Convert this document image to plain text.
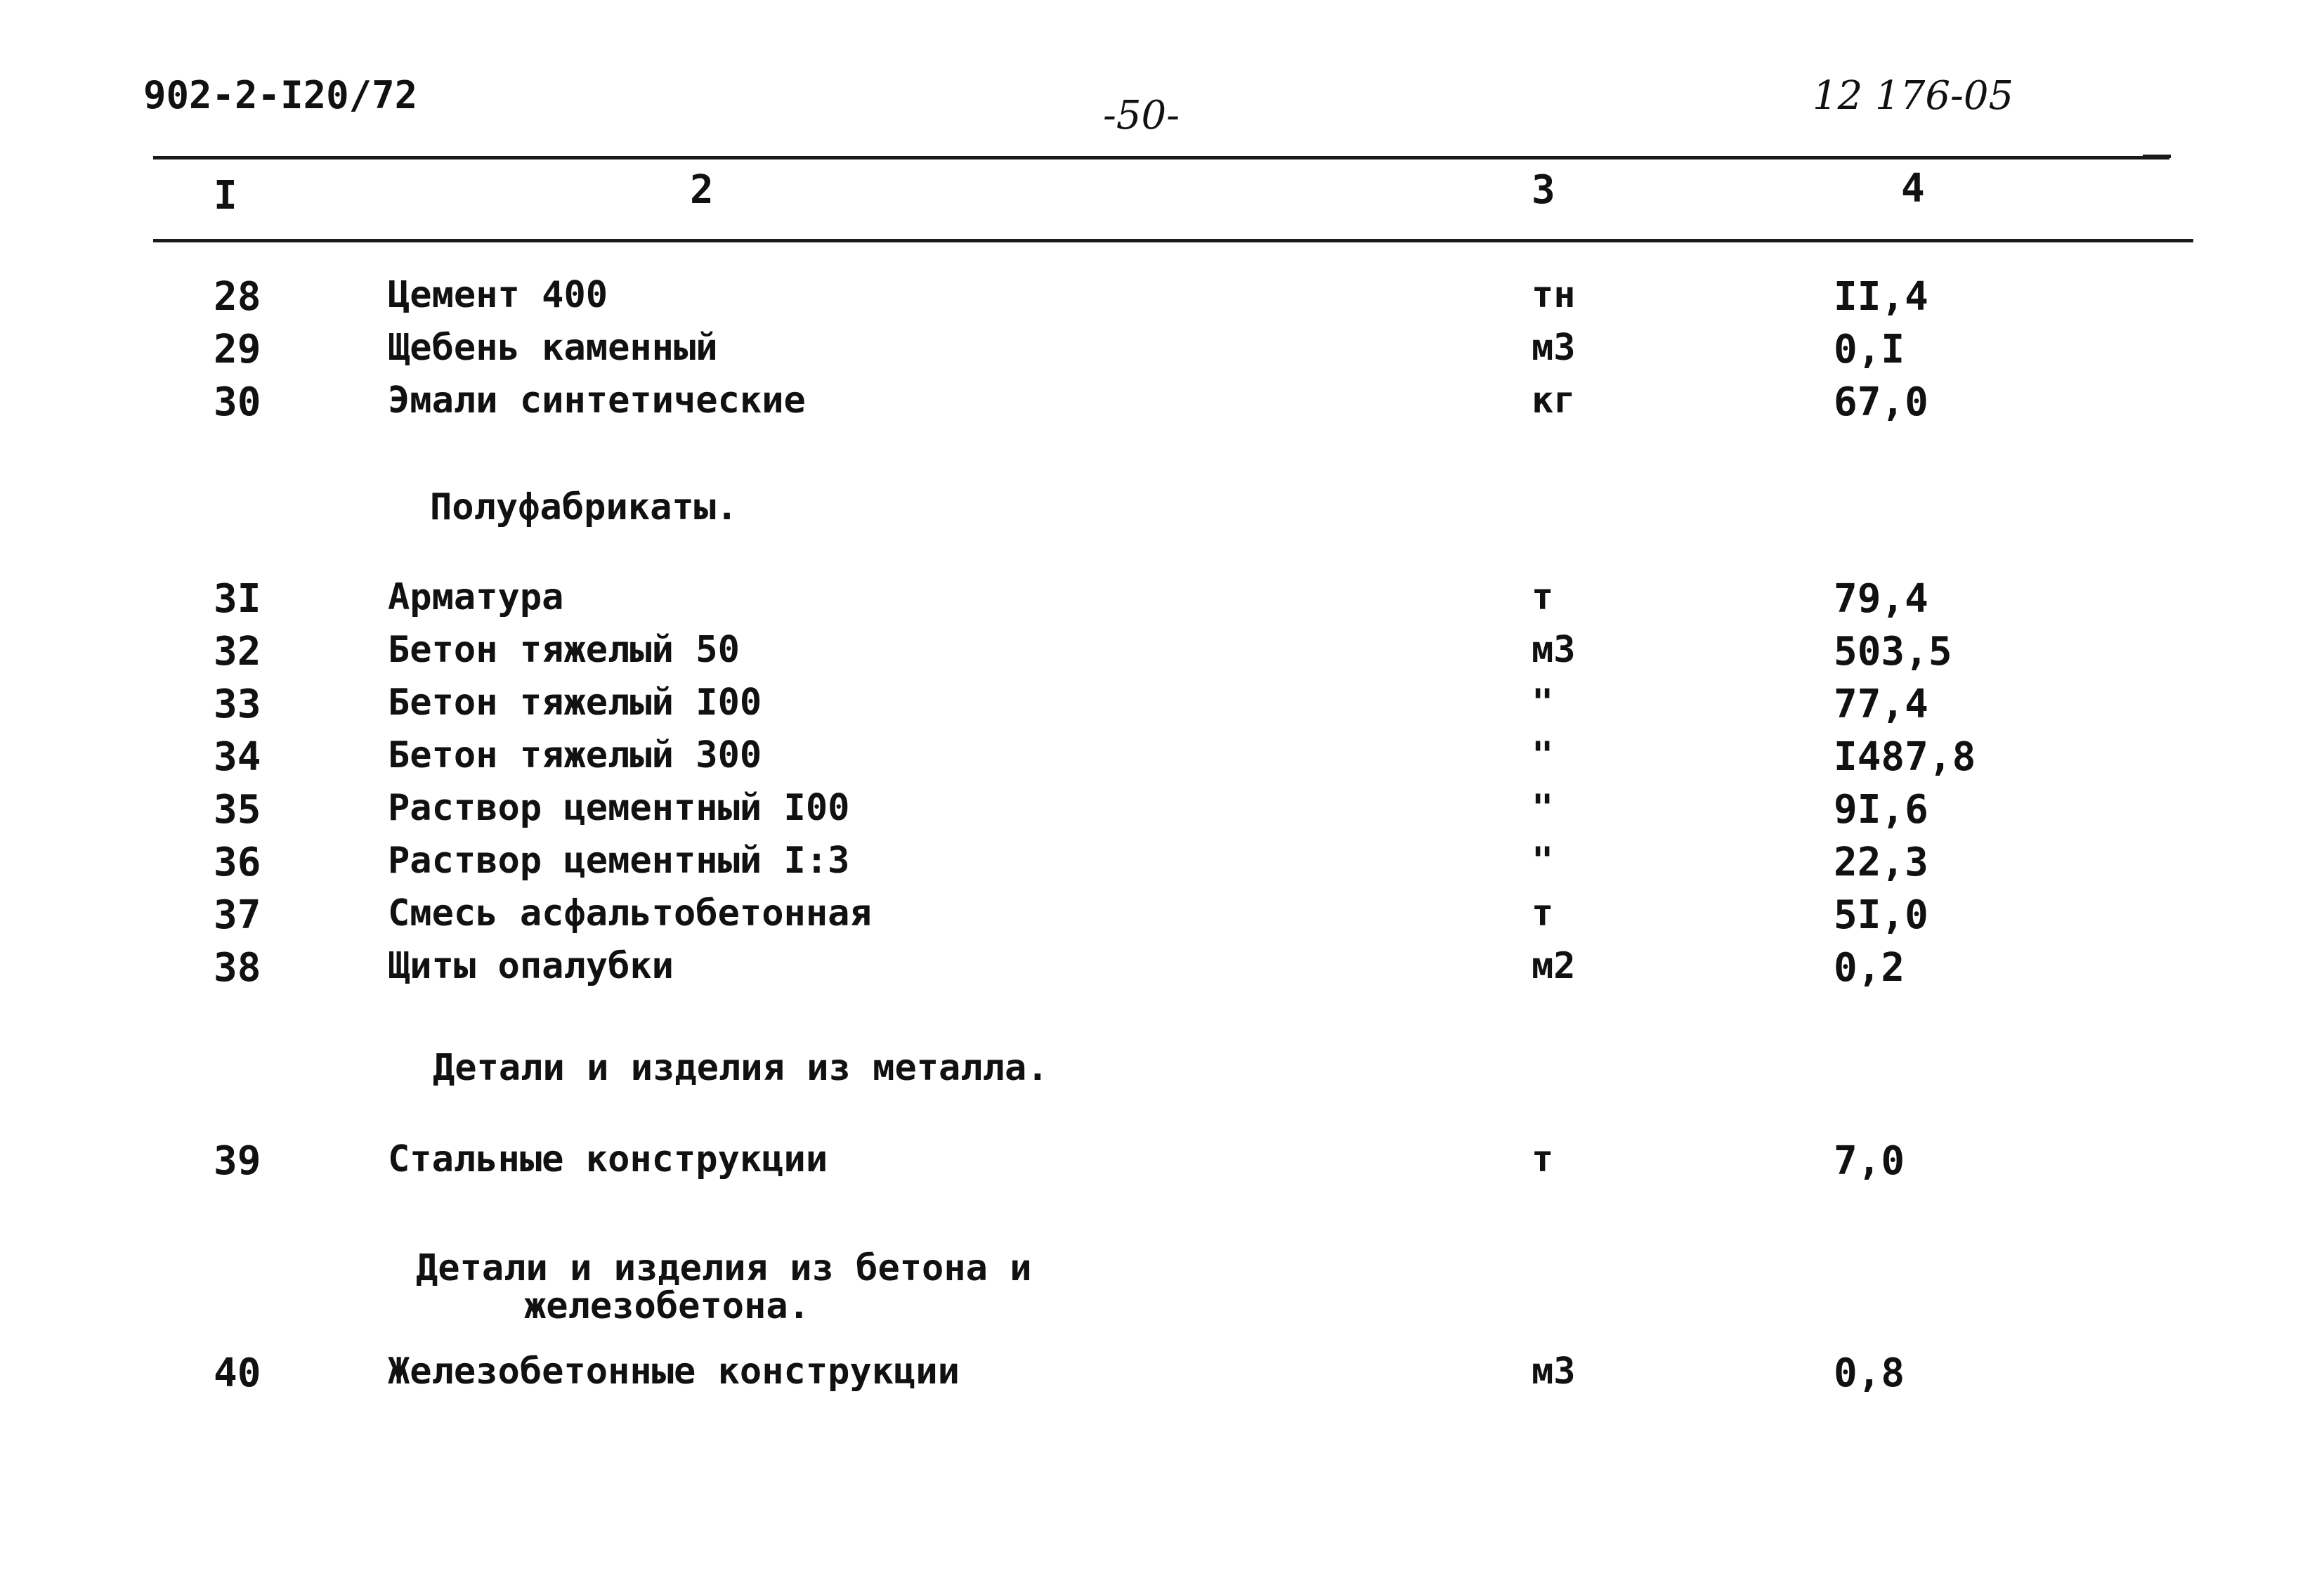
902-2-I20/72	-50-	12 176-05
I	2	3	4
28	Цемент 400	тн	II,4
29	Щебень каменный	м3	0,I
30	Эмали синтетические	кг	67,0
Полуфабрикаты.
3I	Арматура	т	79,4
32	Бетон тяжелый 50	м3	503,5
33	Бетон тяжелый I00	"	77,4
34	Бетон тяжелый 300	"	I487,8
35	Раствор цементный I00	"	9I,6
36	Раствор цементный I:3	"	22,3
37	Смесь асфальтобетонная	т	5I,0
38	Щиты опалубки	м2	0,2
Детали и изделия из металла.
39	Стальные конструкции	т	7,0
Детали и изделия из бетона и
железобетона.
40	Железобетонные конструкции	м3	0,8
